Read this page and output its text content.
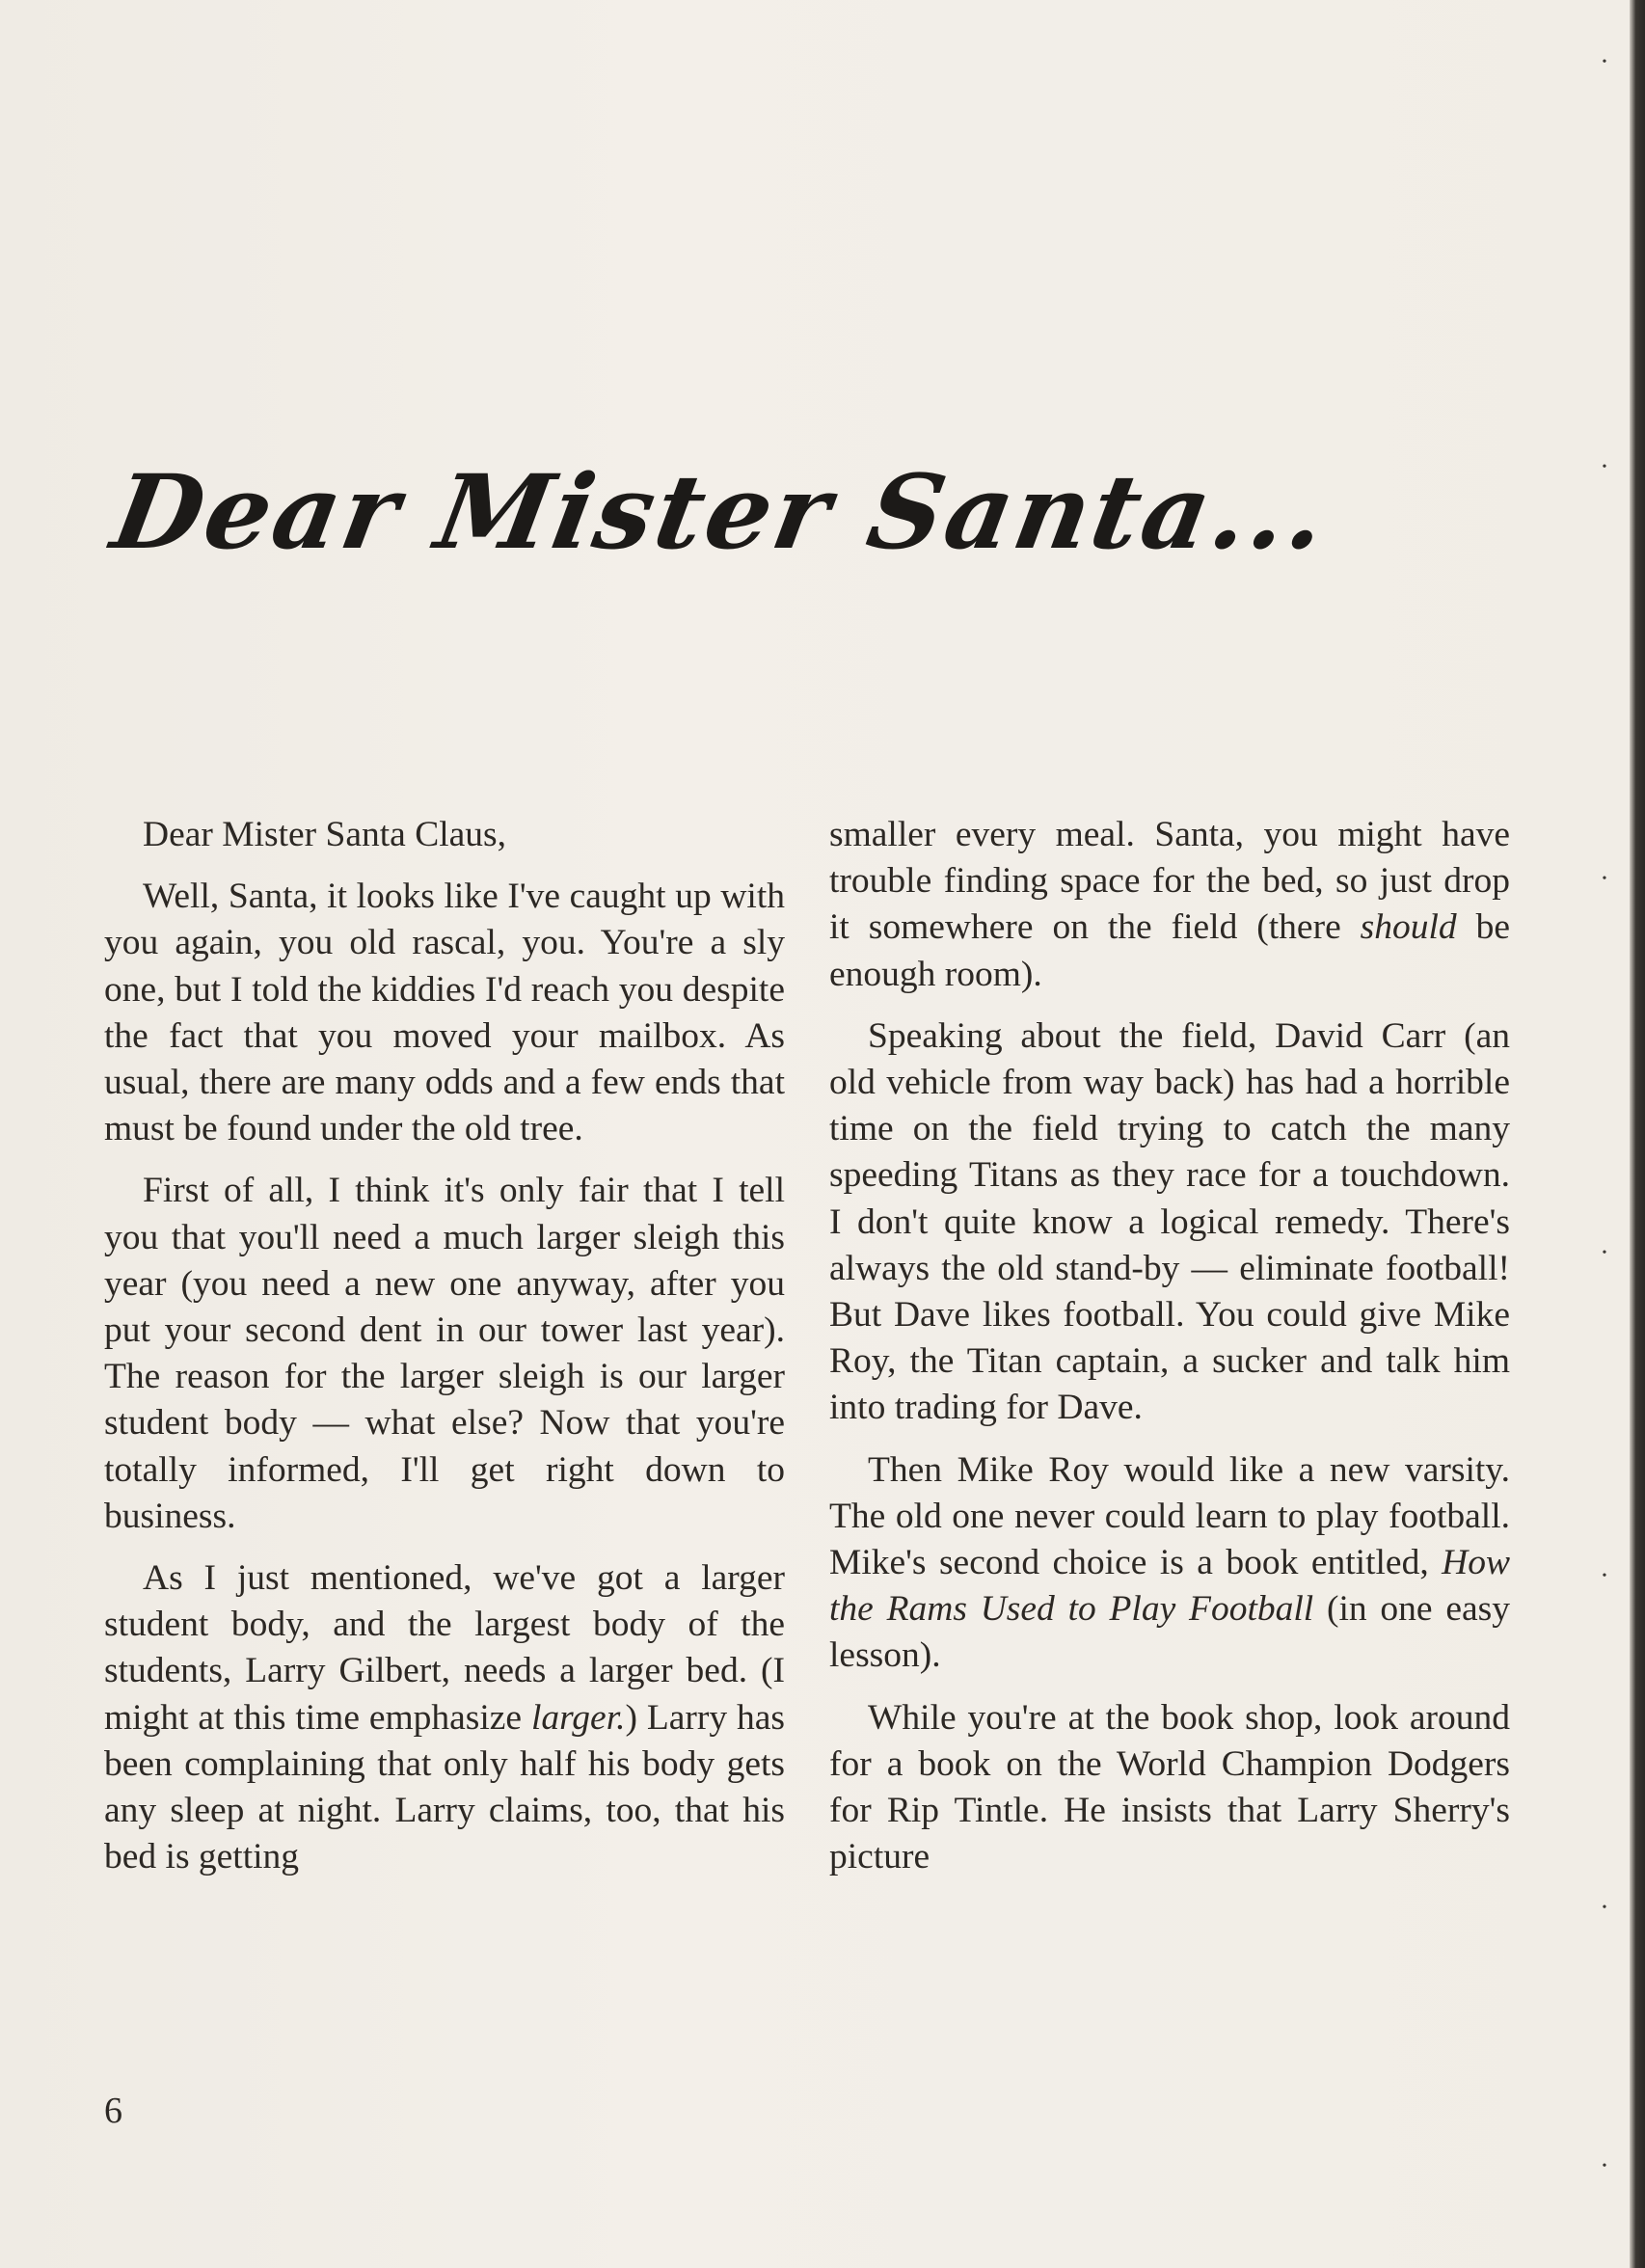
•
•
•
•
•
•
•
Dear Mister Santa...
Dear Mister Santa Claus,

Well, Santa, it looks like I've caught up with you again, you old rascal, you. You're a sly one, but I told the kiddies I'd reach you despite the fact that you moved your mailbox. As usual, there are many odds and a few ends that must be found under the old tree.

First of all, I think it's only fair that I tell you that you'll need a much larger sleigh this year (you need a new one anyway, after you put your second dent in our tower last year). The reason for the larger sleigh is our larger student body — what else? Now that you're totally informed, I'll get right down to business.

As I just mentioned, we've got a larger student body, and the largest body of the students, Larry Gilbert, needs a larger bed. (I might at this time emphasize larger.) Larry has been complaining that only half his body gets any sleep at night. Larry claims, too, that his bed is getting

smaller every meal. Santa, you might have trouble finding space for the bed, so just drop it somewhere on the field (there should be enough room).

Speaking about the field, David Carr (an old vehicle from way back) has had a horrible time on the field trying to catch the many speeding Titans as they race for a touchdown. I don't quite know a logical remedy. There's always the old stand-by — eliminate football! But Dave likes football. You could give Mike Roy, the Titan captain, a sucker and talk him into trading for Dave.

Then Mike Roy would like a new varsity. The old one never could learn to play football. Mike's second choice is a book entitled, How the Rams Used to Play Football (in one easy lesson).

While you're at the book shop, look around for a book on the World Champion Dodgers for Rip Tintle. He insists that Larry Sherry's picture

6
